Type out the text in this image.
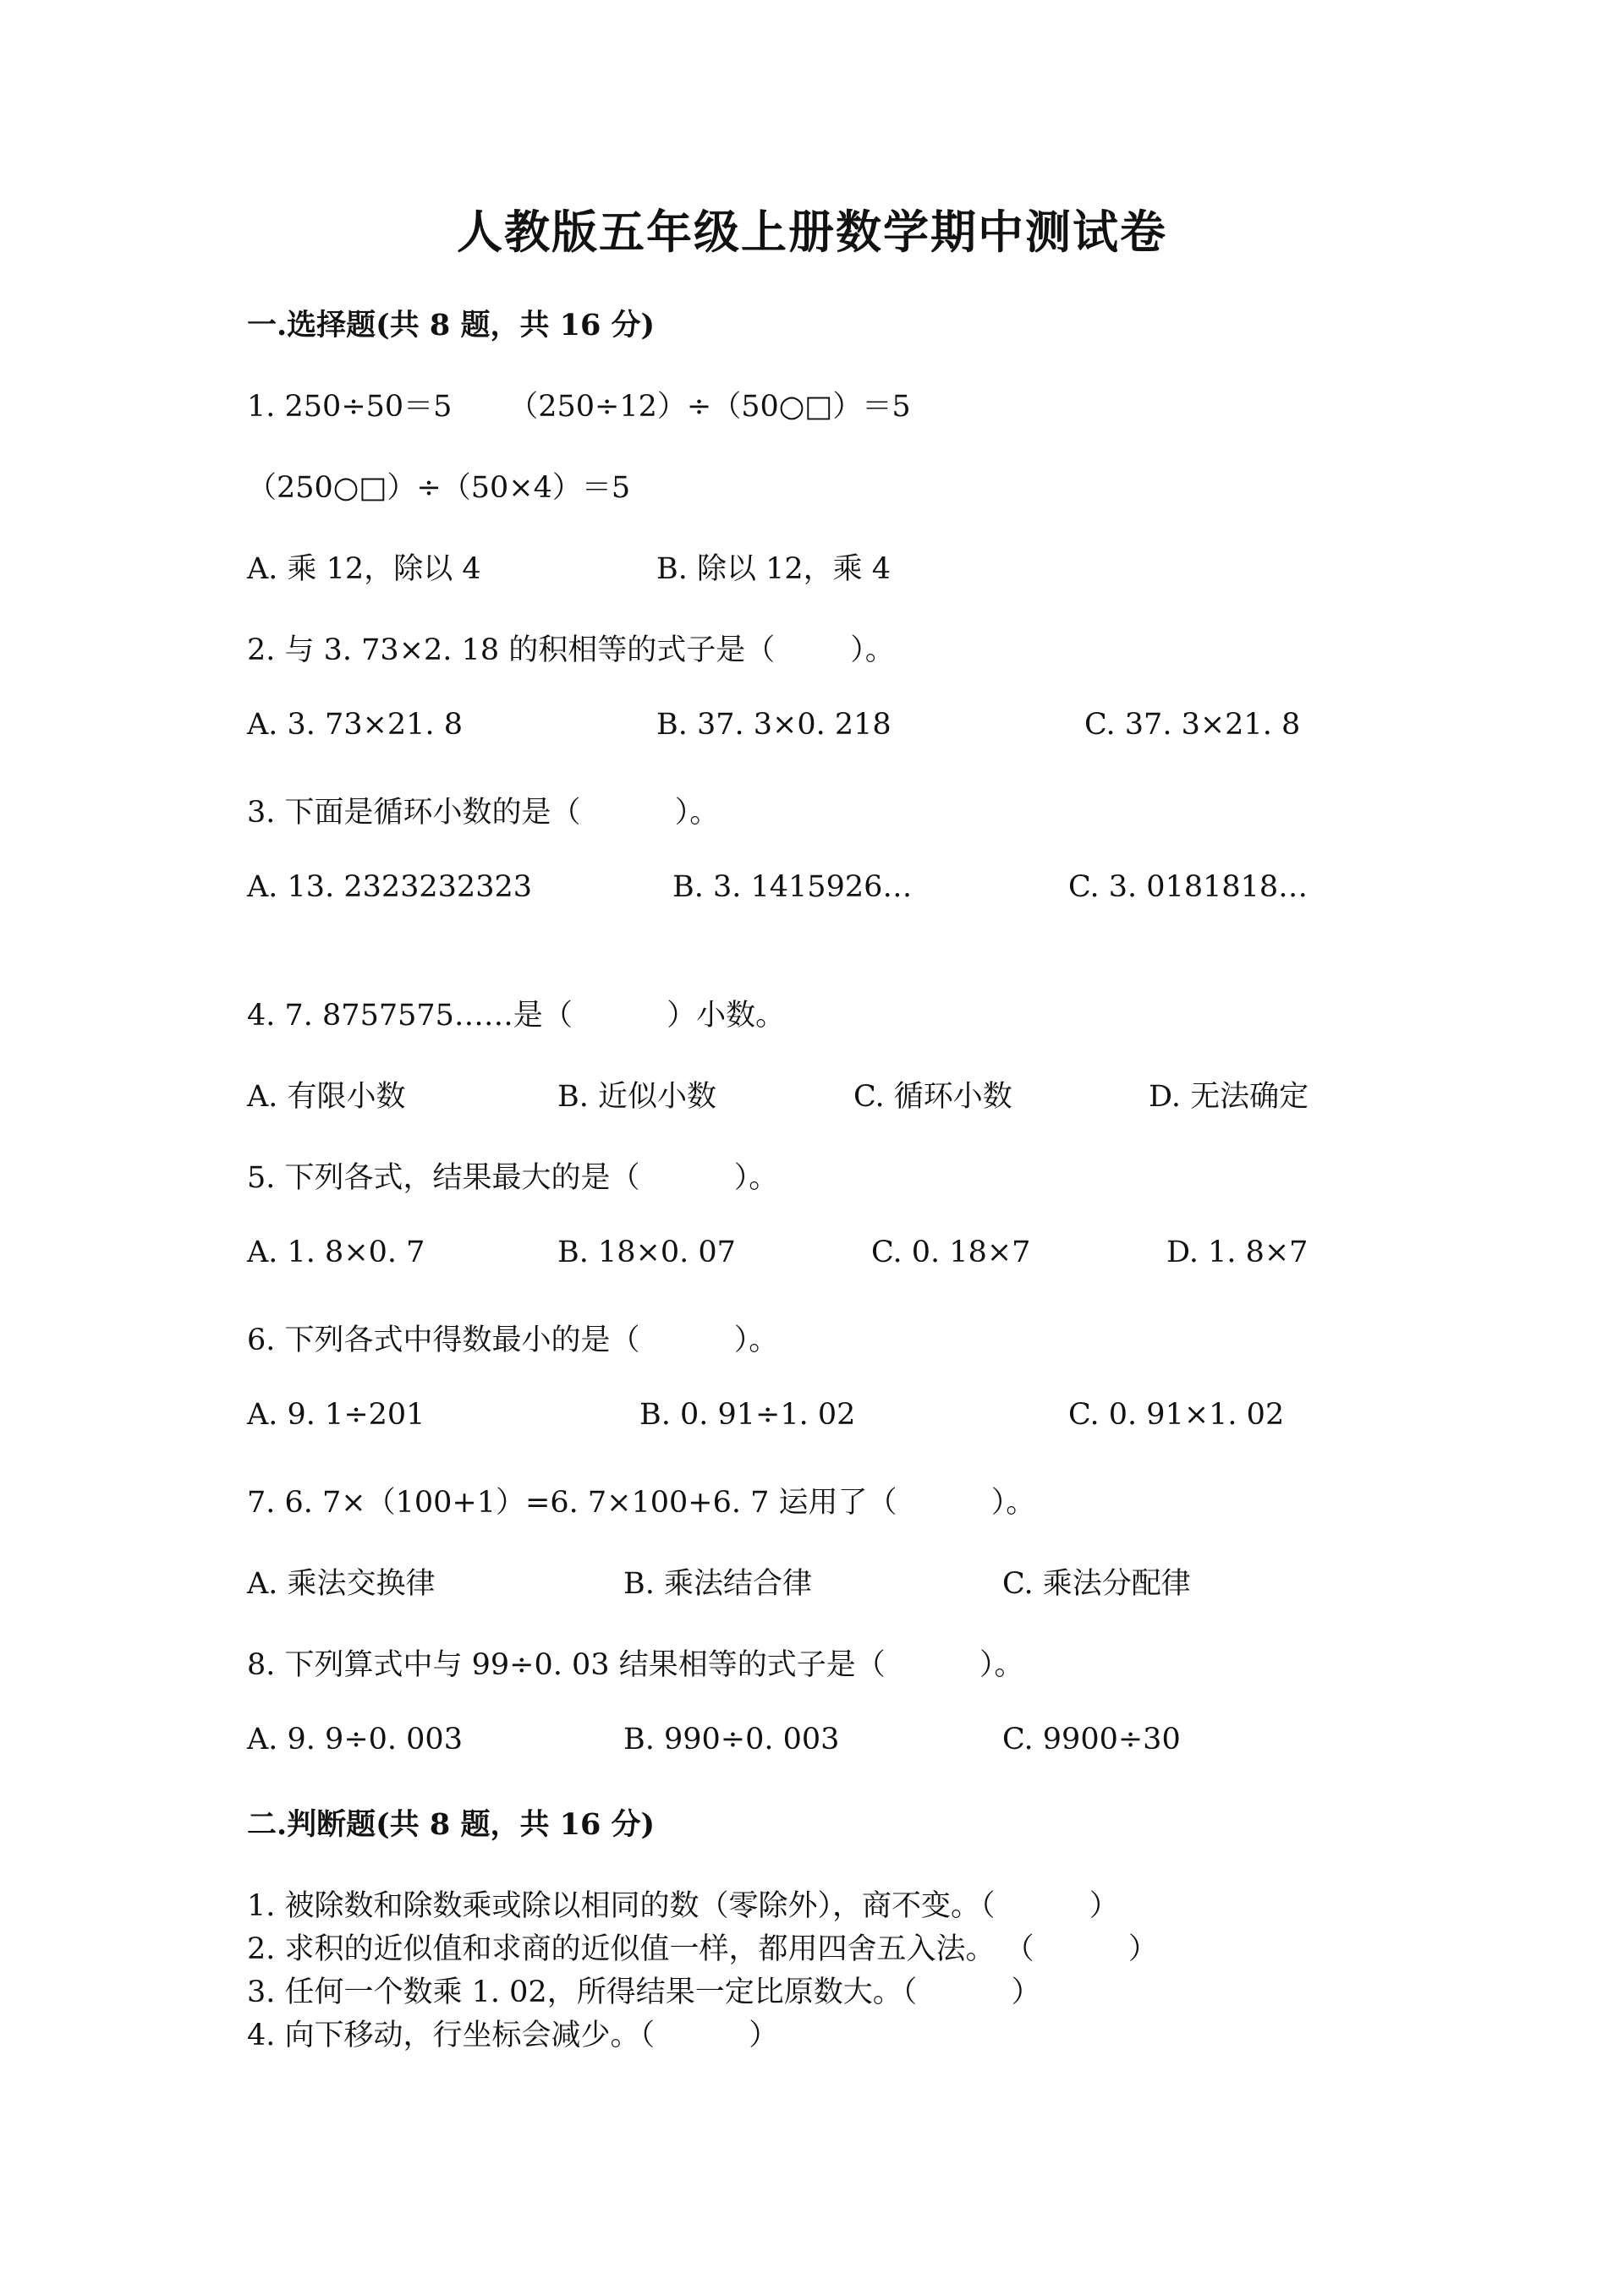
人教版五年级上册数学期中测试卷
一.选择题(共 8 题，共 16 分)
1. 250÷50＝5      （250÷12）÷（50○□）＝5
（250○□）÷（50×4）＝5
A. 乘 12，除以 4	B. 除以 12，乘 4
2. 与 3. 73×2. 18 的积相等的式子是（        ）。
A. 3. 73×21. 8	B. 37. 3×0. 218	C. 37. 3×21. 8
3. 下面是循环小数的是（          ）。
A. 13. 2323232323	B. 3. 1415926…	C. 3. 0181818…
4. 7. 8757575……是（          ）小数。
A. 有限小数	B. 近似小数	C. 循环小数	D. 无法确定
5. 下列各式，结果最大的是（          ）。
A. 1. 8×0. 7	B. 18×0. 07	C. 0. 18×7	D. 1. 8×7
6. 下列各式中得数最小的是（          ）。
A. 9. 1÷201	B. 0. 91÷1. 02	C. 0. 91×1. 02
7. 6. 7×（100+1）=6. 7×100+6. 7 运用了（          ）。
A. 乘法交换律	B. 乘法结合律	C. 乘法分配律
8. 下列算式中与 99÷0. 03 结果相等的式子是（          ）。
A. 9. 9÷0. 003	B. 990÷0. 003	C. 9900÷30
二.判断题(共 8 题，共 16 分)
1. 被除数和除数乘或除以相同的数（零除外），商不变。（          ）
2. 求积的近似值和求商的近似值一样，都用四舍五入法。 （          ）
3. 任何一个数乘 1. 02，所得结果一定比原数大。（          ）
4. 向下移动，行坐标会减少。（          ）
